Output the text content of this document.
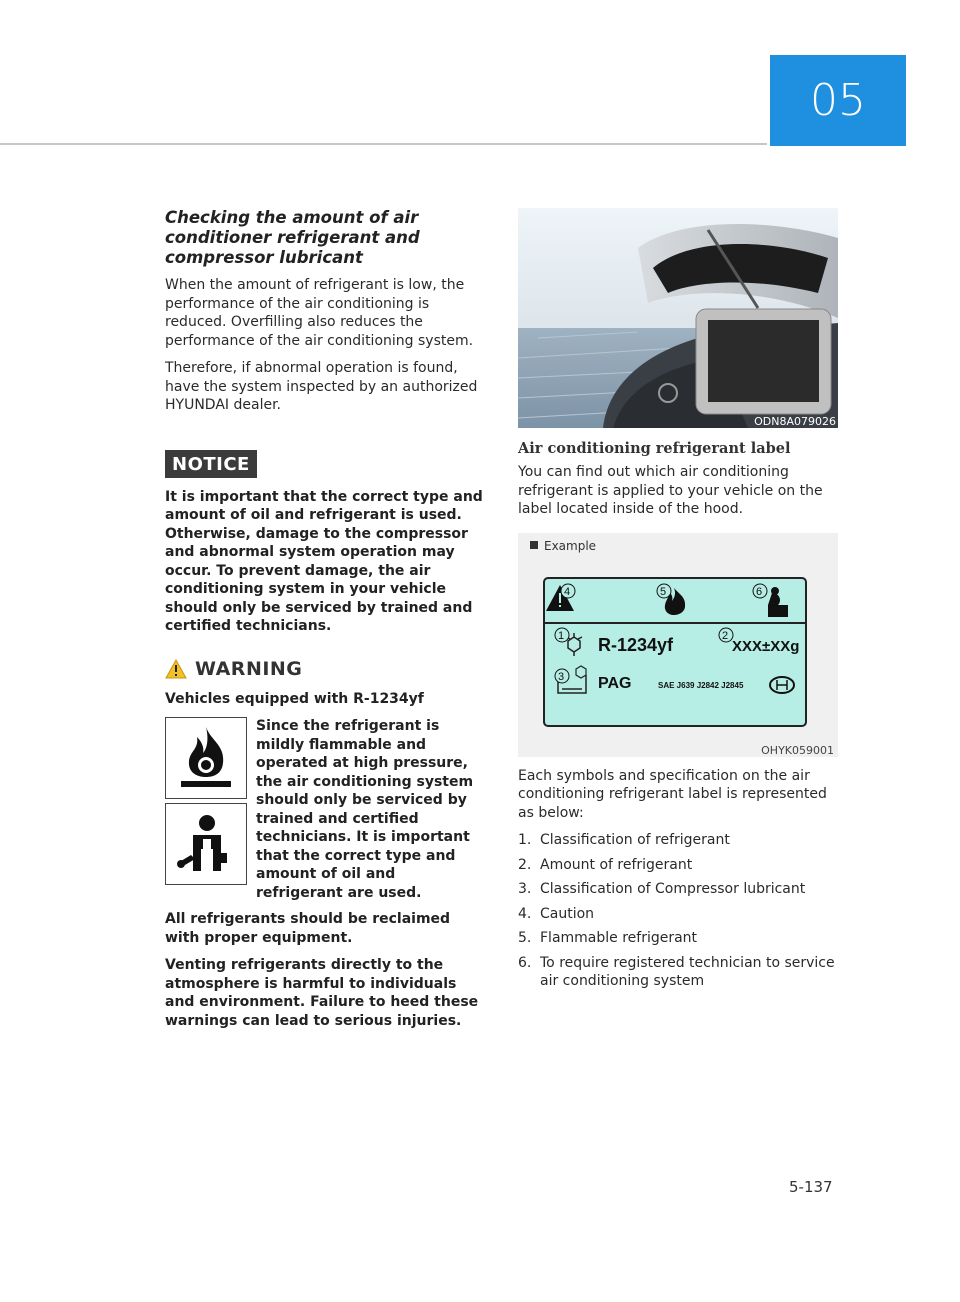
05
Checking the amount of air conditioner refrigerant and compressor lubricant

When the amount of refrigerant is low, the performance of the air conditioning is reduced. Overfilling also reduces the performance of the air conditioning system.

Therefore, if abnormal operation is found, have the system inspected by an authorized HYUNDAI dealer.

NOTICE

It is important that the correct type and amount of oil and refrigerant is used. Otherwise, damage to the compressor and abnormal system operation may occur. To prevent damage, the air conditioning system in your vehicle should only be serviced by trained and certified technicians.

WARNING

Vehicles equipped with R-1234yf

Since the refrigerant is mildly flammable and operated at high pressure, the air conditioning system should only be serviced by trained and certified technicians. It is important that the correct type and amount of oil and refrigerant are used.

All refrigerants should be reclaimed with proper equipment.

Venting refrigerants directly to the atmosphere is harmful to individuals and environment. Failure to heed these warnings can lead to serious injuries.

ODN8A079026
Air conditioning refrigerant label

You can find out which air conditioning refrigerant is applied to your vehicle on the label located inside of the hood.

Example
R-1234yf	XXX±XXg
PAG	SAE J639 J2842 J2845
4	5	6
1	2
3
OHYK059001

Each symbols and specification on the air conditioning refrigerant label is represented as below:

1. Classification of refrigerant
2. Amount of refrigerant
3. Classification of Compressor lubricant
4. Caution
5. Flammable refrigerant
6. To require registered technician to service air conditioning system
5-137
